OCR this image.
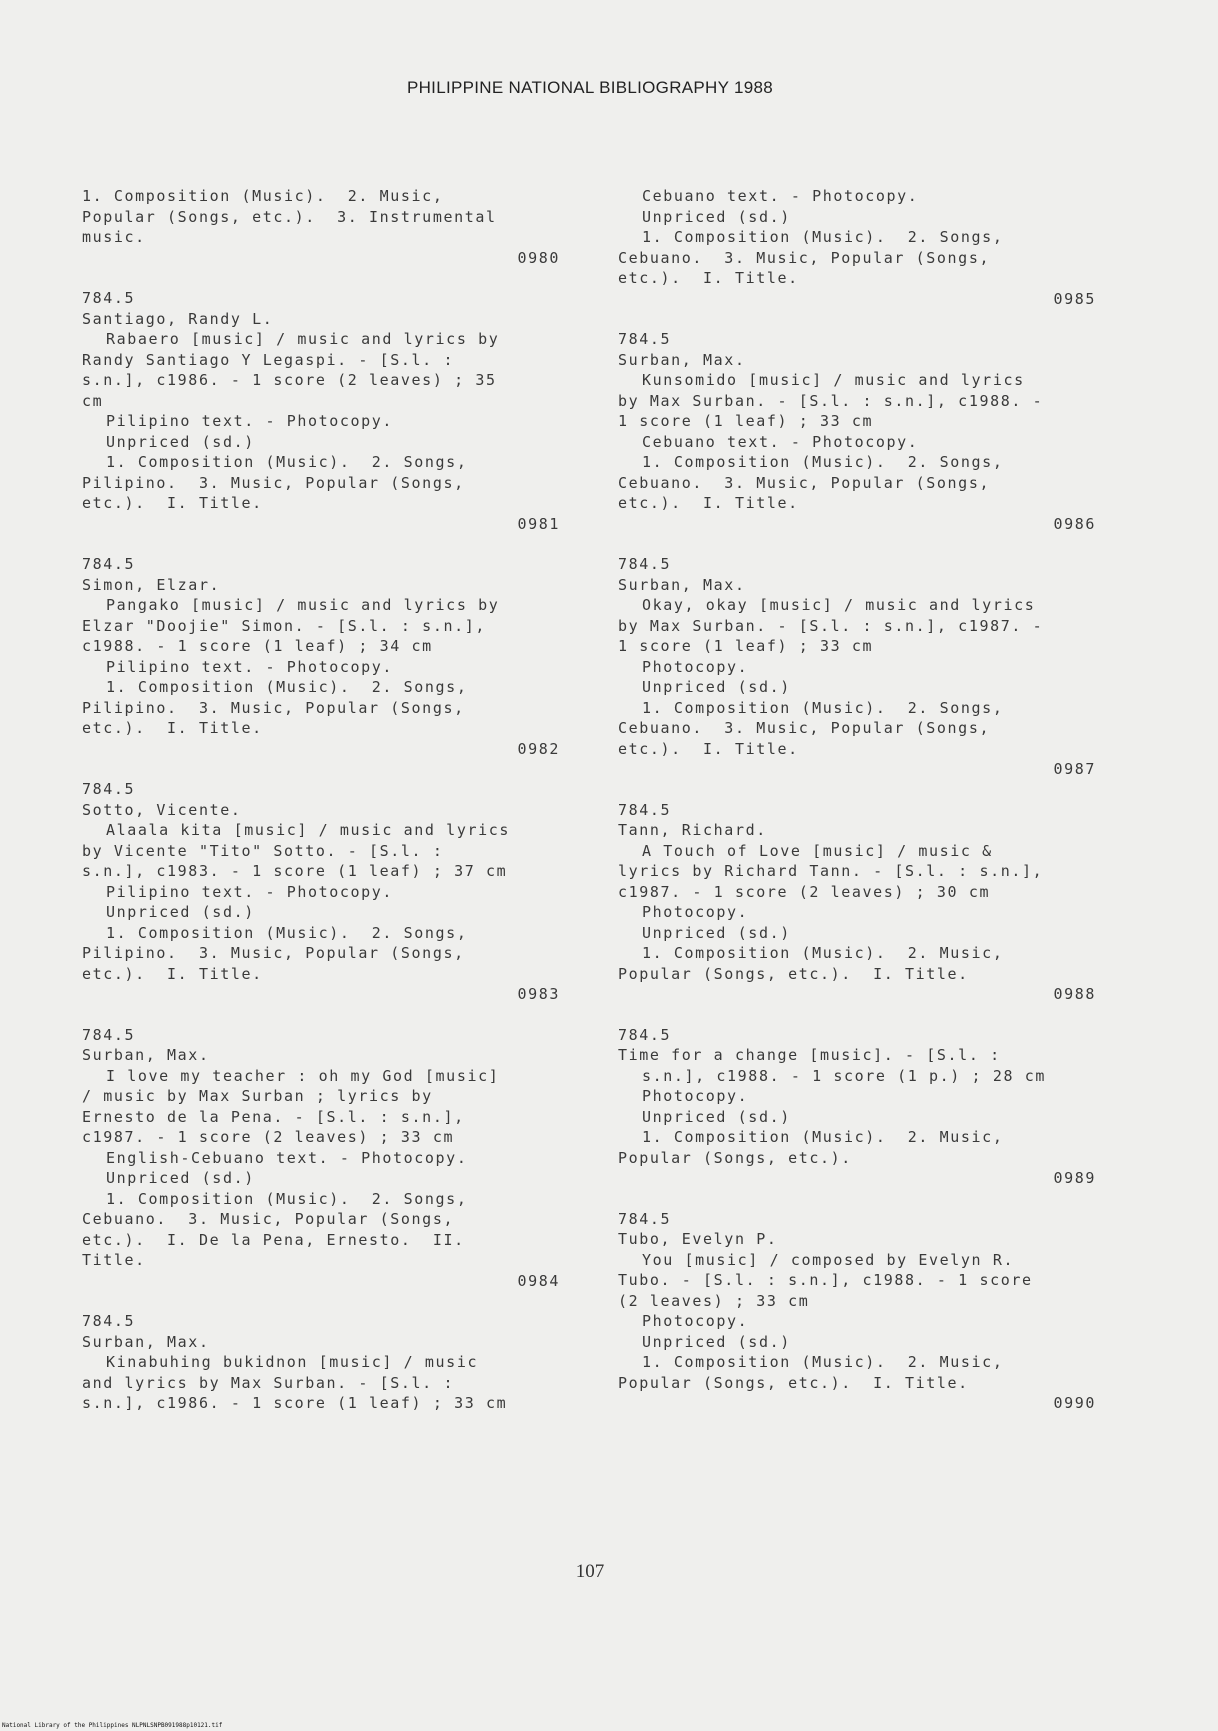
PHILIPPINE NATIONAL BIBLIOGRAPHY 1988
1. Composition (Music).  2. Music,
Popular (Songs, etc.).  3. Instrumental
music.
0980
784.5
Santiago, Randy L.
Rabaero [music] / music and lyrics by
Randy Santiago Y Legaspi. - [S.l. :
s.n.], c1986. - 1 score (2 leaves) ; 35
cm
Pilipino text. - Photocopy.
Unpriced (sd.)
1. Composition (Music).  2. Songs,
Pilipino.  3. Music, Popular (Songs,
etc.).  I. Title.
0981
784.5
Simon, Elzar.
Pangako [music] / music and lyrics by
Elzar "Doojie" Simon. - [S.l. : s.n.],
c1988. - 1 score (1 leaf) ; 34 cm
Pilipino text. - Photocopy.
1. Composition (Music).  2. Songs,
Pilipino.  3. Music, Popular (Songs,
etc.).  I. Title.
0982
784.5
Sotto, Vicente.
Alaala kita [music] / music and lyrics
by Vicente "Tito" Sotto. - [S.l. :
s.n.], c1983. - 1 score (1 leaf) ; 37 cm
Pilipino text. - Photocopy.
Unpriced (sd.)
1. Composition (Music).  2. Songs,
Pilipino.  3. Music, Popular (Songs,
etc.).  I. Title.
0983
784.5
Surban, Max.
I love my teacher : oh my God [music]
/ music by Max Surban ; lyrics by
Ernesto de la Pena. - [S.l. : s.n.],
c1987. - 1 score (2 leaves) ; 33 cm
English-Cebuano text. - Photocopy.
Unpriced (sd.)
1. Composition (Music).  2. Songs,
Cebuano.  3. Music, Popular (Songs,
etc.).  I. De la Pena, Ernesto.  II.
Title.
0984
784.5
Surban, Max.
Kinabuhing bukidnon [music] / music
and lyrics by Max Surban. - [S.l. :
s.n.], c1986. - 1 score (1 leaf) ; 33 cm
Cebuano text. - Photocopy.
Unpriced (sd.)
1. Composition (Music).  2. Songs,
Cebuano.  3. Music, Popular (Songs,
etc.).  I. Title.
0985
784.5
Surban, Max.
Kunsomido [music] / music and lyrics
by Max Surban. - [S.l. : s.n.], c1988. -
1 score (1 leaf) ; 33 cm
Cebuano text. - Photocopy.
1. Composition (Music).  2. Songs,
Cebuano.  3. Music, Popular (Songs,
etc.).  I. Title.
0986
784.5
Surban, Max.
Okay, okay [music] / music and lyrics
by Max Surban. - [S.l. : s.n.], c1987. -
1 score (1 leaf) ; 33 cm
Photocopy.
Unpriced (sd.)
1. Composition (Music).  2. Songs,
Cebuano.  3. Music, Popular (Songs,
etc.).  I. Title.
0987
784.5
Tann, Richard.
A Touch of Love [music] / music &
lyrics by Richard Tann. - [S.l. : s.n.],
c1987. - 1 score (2 leaves) ; 30 cm
Photocopy.
Unpriced (sd.)
1. Composition (Music).  2. Music,
Popular (Songs, etc.).  I. Title.
0988
784.5
Time for a change [music]. - [S.l. :
s.n.], c1988. - 1 score (1 p.) ; 28 cm
Photocopy.
Unpriced (sd.)
1. Composition (Music).  2. Music,
Popular (Songs, etc.).
0989
784.5
Tubo, Evelyn P.
You [music] / composed by Evelyn R.
Tubo. - [S.l. : s.n.], c1988. - 1 score
(2 leaves) ; 33 cm
Photocopy.
Unpriced (sd.)
1. Composition (Music).  2. Music,
Popular (Songs, etc.).  I. Title.
0990
107
National Library of the Philippines NLPNLSNPB091988p10121.tif
